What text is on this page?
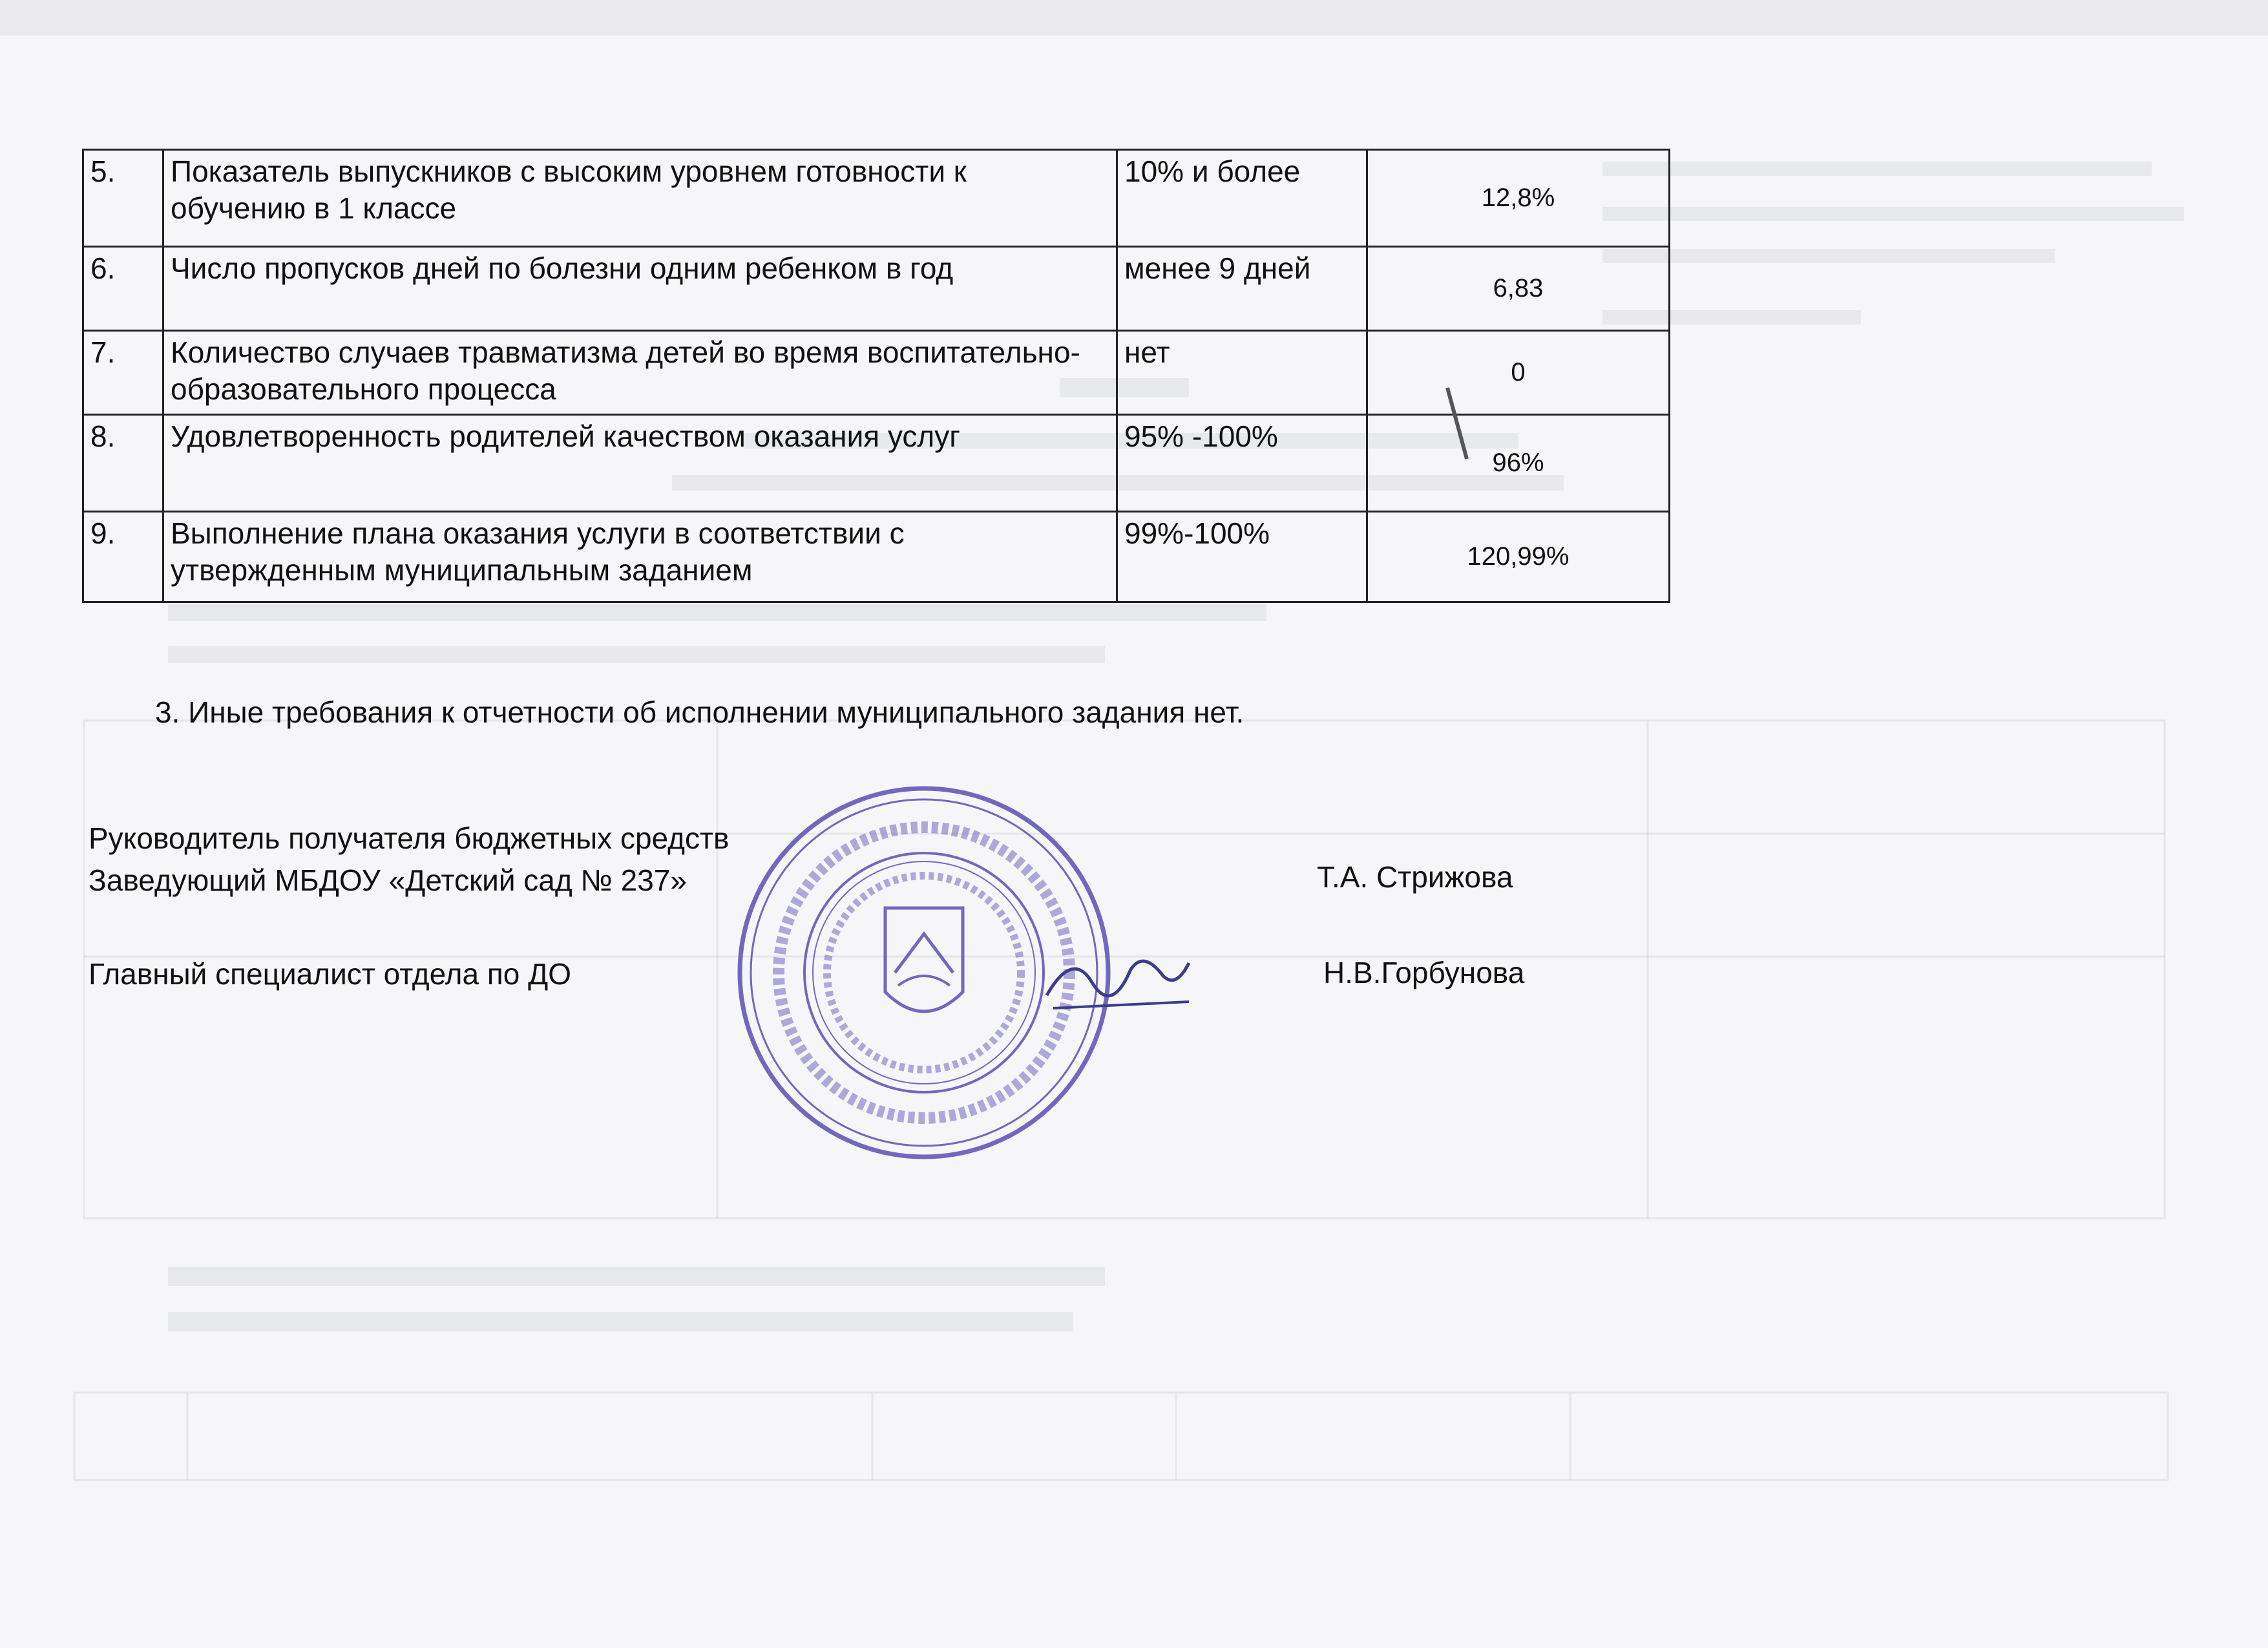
5.	Показатель выпускников с высоким уровнем готовности к обучению в 1 классе	10% и более	12,8%
6.	Число пропусков дней по болезни одним ребенком в год	менее 9 дней	6,83
7.	Количество случаев травматизма детей во время воспитательно-образовательного процесса	нет	0
8.	Удовлетворенность родителей качеством оказания услуг	95% -100%	96%
9.	Выполнение плана оказания услуги в соответствии с утвержденным муниципальным заданием	99%-100%	120,99%
3. Иные требования к отчетности об исполнении муниципального задания нет.
Руководитель получателя бюджетных средств
Заведующий МБДОУ «Детский сад № 237»	Т.А. Стрижова
Главный специалист отдела по ДО	Н.В.Горбунова
